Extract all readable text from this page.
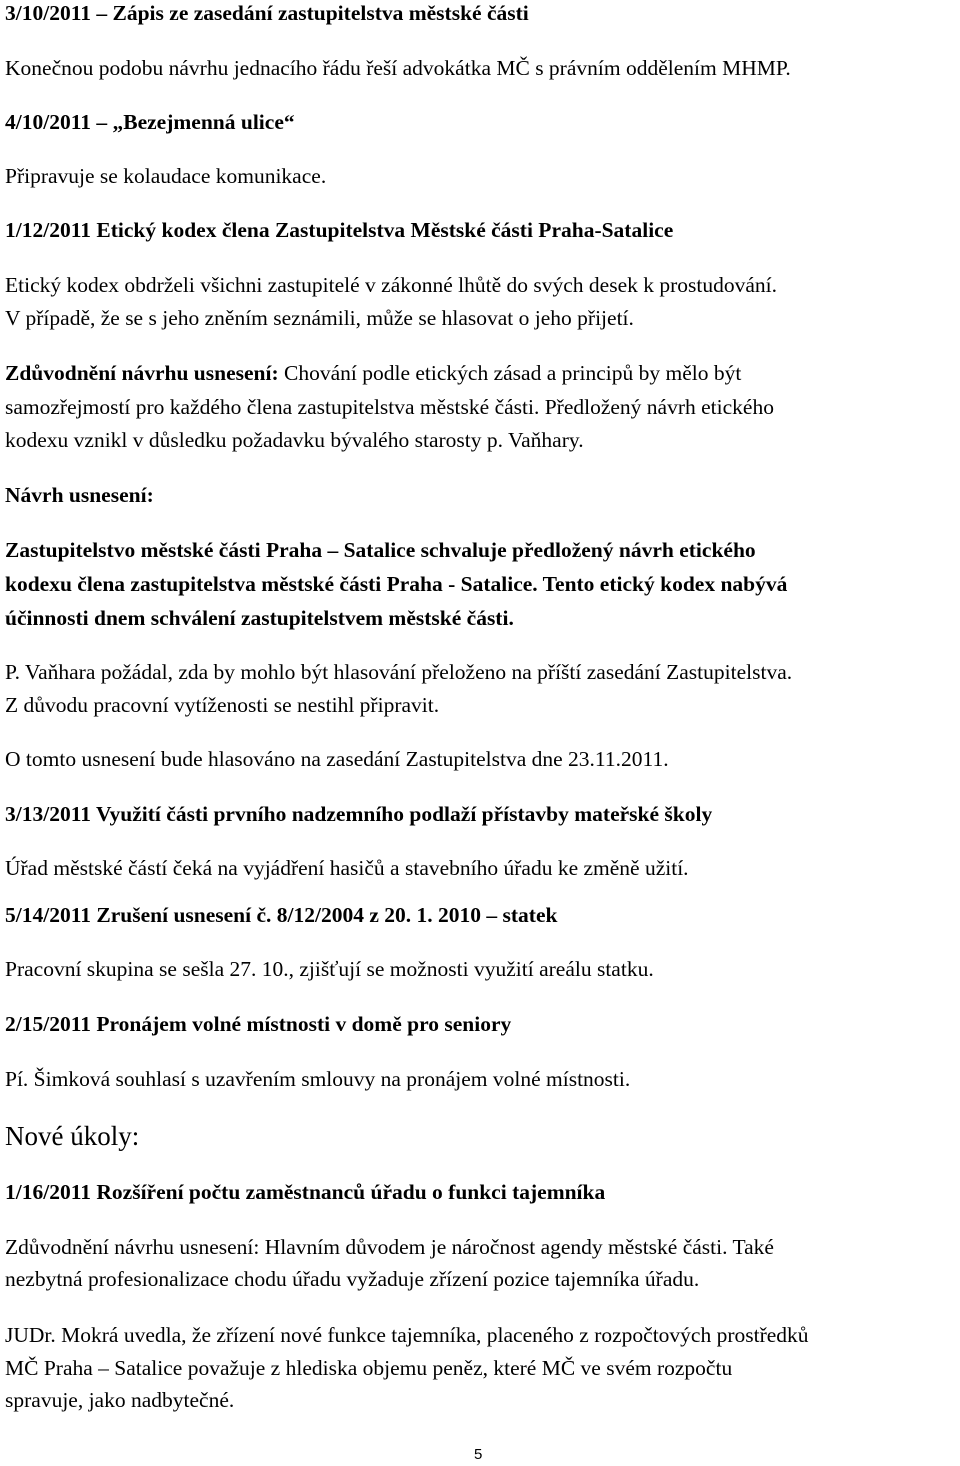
3/10/2011 – Zápis ze zasedání zastupitelstva městské části
Konečnou podobu návrhu jednacího řádu řeší advokátka MČ s právním oddělením MHMP.
4/10/2011 – „Bezejmenná ulice“
Připravuje se kolaudace komunikace.
1/12/2011 Etický kodex člena Zastupitelstva Městské části Praha-Satalice
Etický kodex obdrželi všichni zastupitelé v zákonné lhůtě do svých desek k prostudování.
V případě, že se s jeho zněním seznámili, může se hlasovat o jeho přijetí.
Zdůvodnění návrhu usnesení: Chování podle etických zásad a principů by mělo být
samozřejmostí pro každého člena zastupitelstva městské části. Předložený návrh etického
kodexu vznikl v důsledku požadavku bývalého starosty p. Vaňhary.
Návrh usnesení:
Zastupitelstvo městské části Praha – Satalice schvaluje předložený návrh etického
kodexu člena zastupitelstva městské části Praha - Satalice. Tento etický kodex nabývá
účinnosti dnem schválení zastupitelstvem městské části.
P. Vaňhara požádal, zda by mohlo být hlasování přeloženo na příští zasedání Zastupitelstva.
Z důvodu pracovní vytíženosti se nestihl připravit.
O tomto usnesení bude hlasováno na zasedání Zastupitelstva dne 23.11.2011.
3/13/2011 Využití části prvního nadzemního podlaží přístavby mateřské školy
Úřad městské částí čeká na vyjádření hasičů a stavebního úřadu ke změně užití.
5/14/2011 Zrušení usnesení č. 8/12/2004 z 20. 1. 2010 – statek
Pracovní skupina se sešla 27. 10., zjišťují se možnosti využití areálu statku.
2/15/2011 Pronájem volné místnosti v domě pro seniory
Pí. Šimková souhlasí s uzavřením smlouvy na pronájem volné místnosti.
Nové úkoly:
1/16/2011 Rozšíření počtu zaměstnanců úřadu o funkci tajemníka
Zdůvodnění návrhu usnesení: Hlavním důvodem je náročnost agendy městské části. Také
nezbytná profesionalizace chodu úřadu vyžaduje zřízení pozice tajemníka úřadu.
JUDr. Mokrá uvedla, že zřízení nové funkce tajemníka, placeného z rozpočtových prostředků
MČ Praha – Satalice považuje z hlediska objemu peněz, které MČ ve svém rozpočtu
spravuje, jako nadbytečné.
5
